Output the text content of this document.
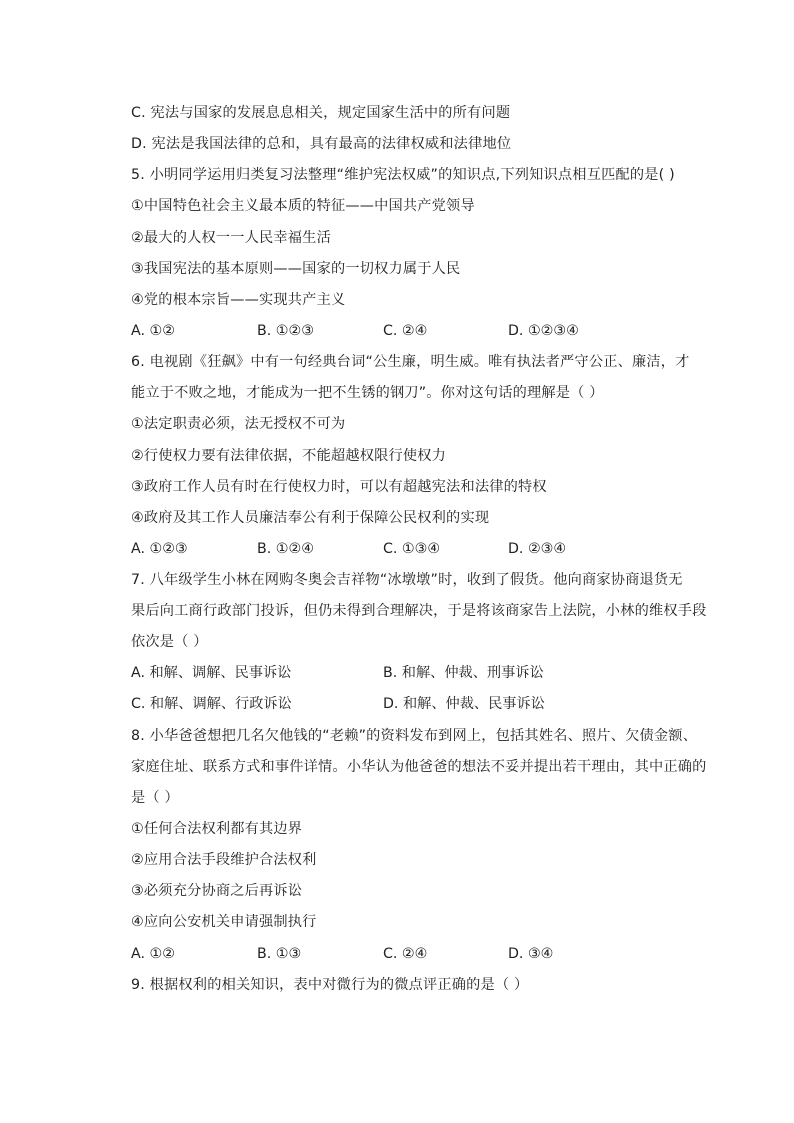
C. 宪法与国家的发展息息相关，规定国家生活中的所有问题
D. 宪法是我国法律的总和，具有最高的法律权威和法律地位
5. 小明同学运用归类复习法整理“维护宪法权威”的知识点,下列知识点相互匹配的是( )
①中国特色社会主义最本质的特征——中国共产党领导
②最大的人权一一人民幸福生活
③我国宪法的基本原则——国家的一切权力属于人民
④党的根本宗旨——实现共产主义
A. ①②	B. ①②③	C. ②④	D. ①②③④
6. 电视剧《狂飙》中有一句经典台词“公生廉，明生威。唯有执法者严守公正、廉洁，才
能立于不败之地，才能成为一把不生锈的钢刀”。你对这句话的理解是（ ）
①法定职责必须，法无授权不可为
②行使权力要有法律依据，不能超越权限行使权力
③政府工作人员有时在行使权力时，可以有超越宪法和法律的特权
④政府及其工作人员廉洁奉公有利于保障公民权利的实现
A. ①②③	B. ①②④	C. ①③④	D. ②③④
7. 八年级学生小林在网购冬奥会吉祥物“冰墩墩”时，收到了假货。他向商家协商退货无
果后向工商行政部门投诉，但仍未得到合理解决，于是将该商家告上法院，小林的维权手段
依次是（ ）
A. 和解、调解、民事诉讼	B. 和解、仲裁、刑事诉讼
C. 和解、调解、行政诉讼	D. 和解、仲裁、民事诉讼
8. 小华爸爸想把几名欠他钱的“老赖”的资料发布到网上，包括其姓名、照片、欠债金额、
家庭住址、联系方式和事件详情。小华认为他爸爸的想法不妥并提出若干理由，其中正确的
是（ ）
①任何合法权利都有其边界
②应用合法手段维护合法权利
③必须充分协商之后再诉讼
④应向公安机关申请强制执行
A. ①②	B. ①③	C. ②④	D. ③④
9. 根据权利的相关知识，表中对微行为的微点评正确的是（ ）
